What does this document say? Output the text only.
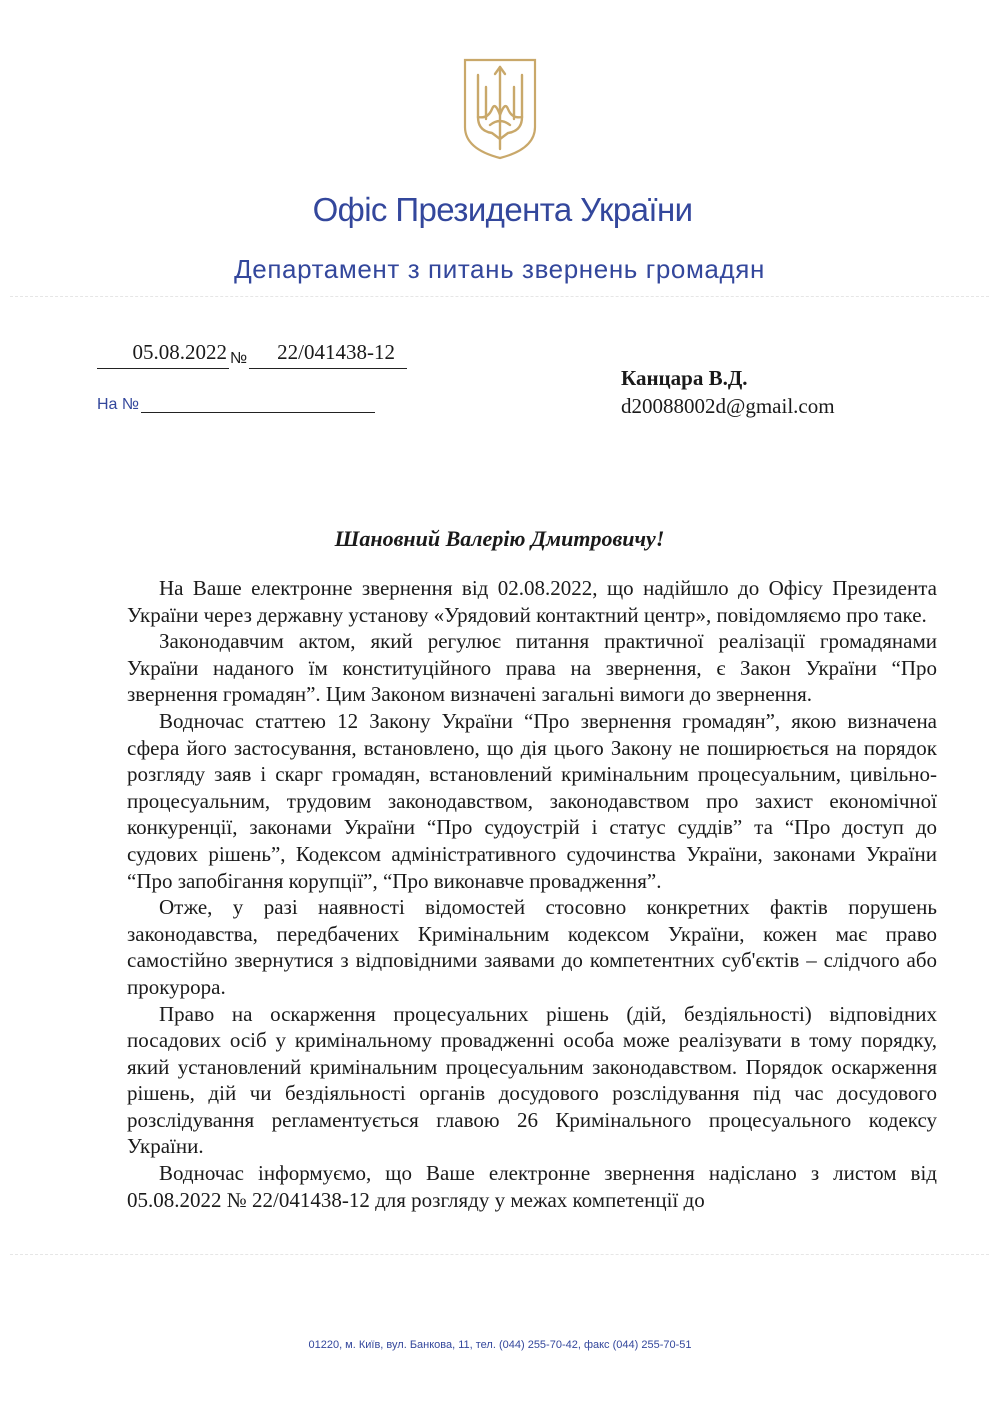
Офіс Президента України
Департамент з питань звернень громадян
05.08.2022 № 22/041438-12
На №
Канцара В.Д.
d20088002d@gmail.com

Шановний Валерію Дмитровичу!

На Ваше електронне звернення від 02.08.2022, що надійшло до Офісу Президента України через державну установу «Урядовий контактний центр», повідомляємо про таке.

Законодавчим актом, який регулює питання практичної реалізації громадянами України наданого їм конституційного права на звернення, є Закон України “Про звернення громадян”. Цим Законом визначені загальні вимоги до звернення.

Водночас статтею 12 Закону України “Про звернення громадян”, якою визначена сфера його застосування, встановлено, що дія цього Закону не поширюється на порядок розгляду заяв і скарг громадян, встановлений кримінальним процесуальним, цивільно-процесуальним, трудовим законодавством, законодавством про захист економічної конкуренції, законами України “Про судоустрій і статус суддів” та “Про доступ до судових рішень”, Кодексом адміністративного судочинства України, законами України “Про запобігання корупції”, “Про виконавче провадження”.

Отже, у разі наявності відомостей стосовно конкретних фактів порушень законодавства, передбачених Кримінальним кодексом України, кожен має право самостійно звернутися з відповідними заявами до компетентних суб'єктів – слідчого або прокурора.

Право на оскарження процесуальних рішень (дій, бездіяльності) відповідних посадових осіб у кримінальному провадженні особа може реалізувати в тому порядку, який установлений кримінальним процесуальним законодавством. Порядок оскарження рішень, дій чи бездіяльності органів досудового розслідування під час досудового розслідування регламентується главою 26 Кримінального процесуального кодексу України.

Водночас інформуємо, що Ваше електронне звернення надіслано з листом від 05.08.2022 № 22/041438-12 для розгляду у межах компетенції до

01220, м. Київ, вул. Банкова, 11, тел. (044) 255-70-42, факс (044) 255-70-51
